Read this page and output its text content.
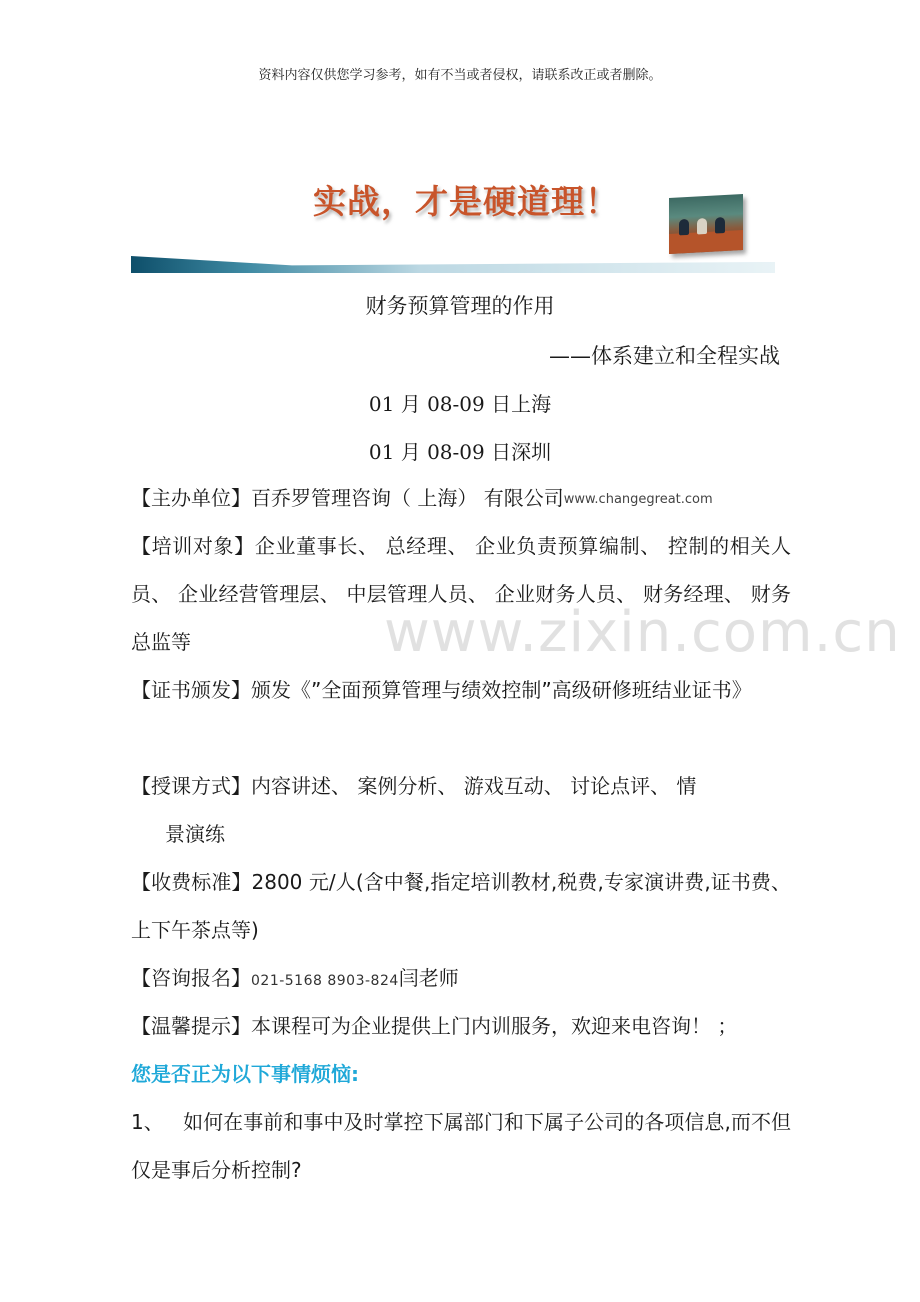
资料内容仅供您学习参考，如有不当或者侵权，请联系改正或者删除。
实战，才是硬道理！
财务预算管理的作用
——体系建立和全程实战
01 月 08-09 日上海
01 月 08-09 日深圳
【主办单位】百乔罗管理咨询（ 上海） 有限公司www.changegreat.com
【培训对象】企业董事长、 总经理、 企业负责预算编制、 控制的相关人员、 企业经营管理层、 中层管理人员、 企业财务人员、 财务经理、 财务总监等
【证书颁发】颁发《”全面预算管理与绩效控制”高级研修班结业证书》
【授课方式】内容讲述、 案例分析、 游戏互动、 讨论点评、 情
景演练
【收费标准】2800 元/人(含中餐,指定培训教材,税费,专家演讲费,证书费、 上下午茶点等)
【咨询报名】021-5168 8903-824闫老师
【温馨提示】本课程可为企业提供上门内训服务，欢迎来电咨询！ ；
您是否正为以下事情烦恼:
1、 如何在事前和事中及时掌控下属部门和下属子公司的各项信息,而不但仅是事后分析控制?
www.zixin.com.cn
